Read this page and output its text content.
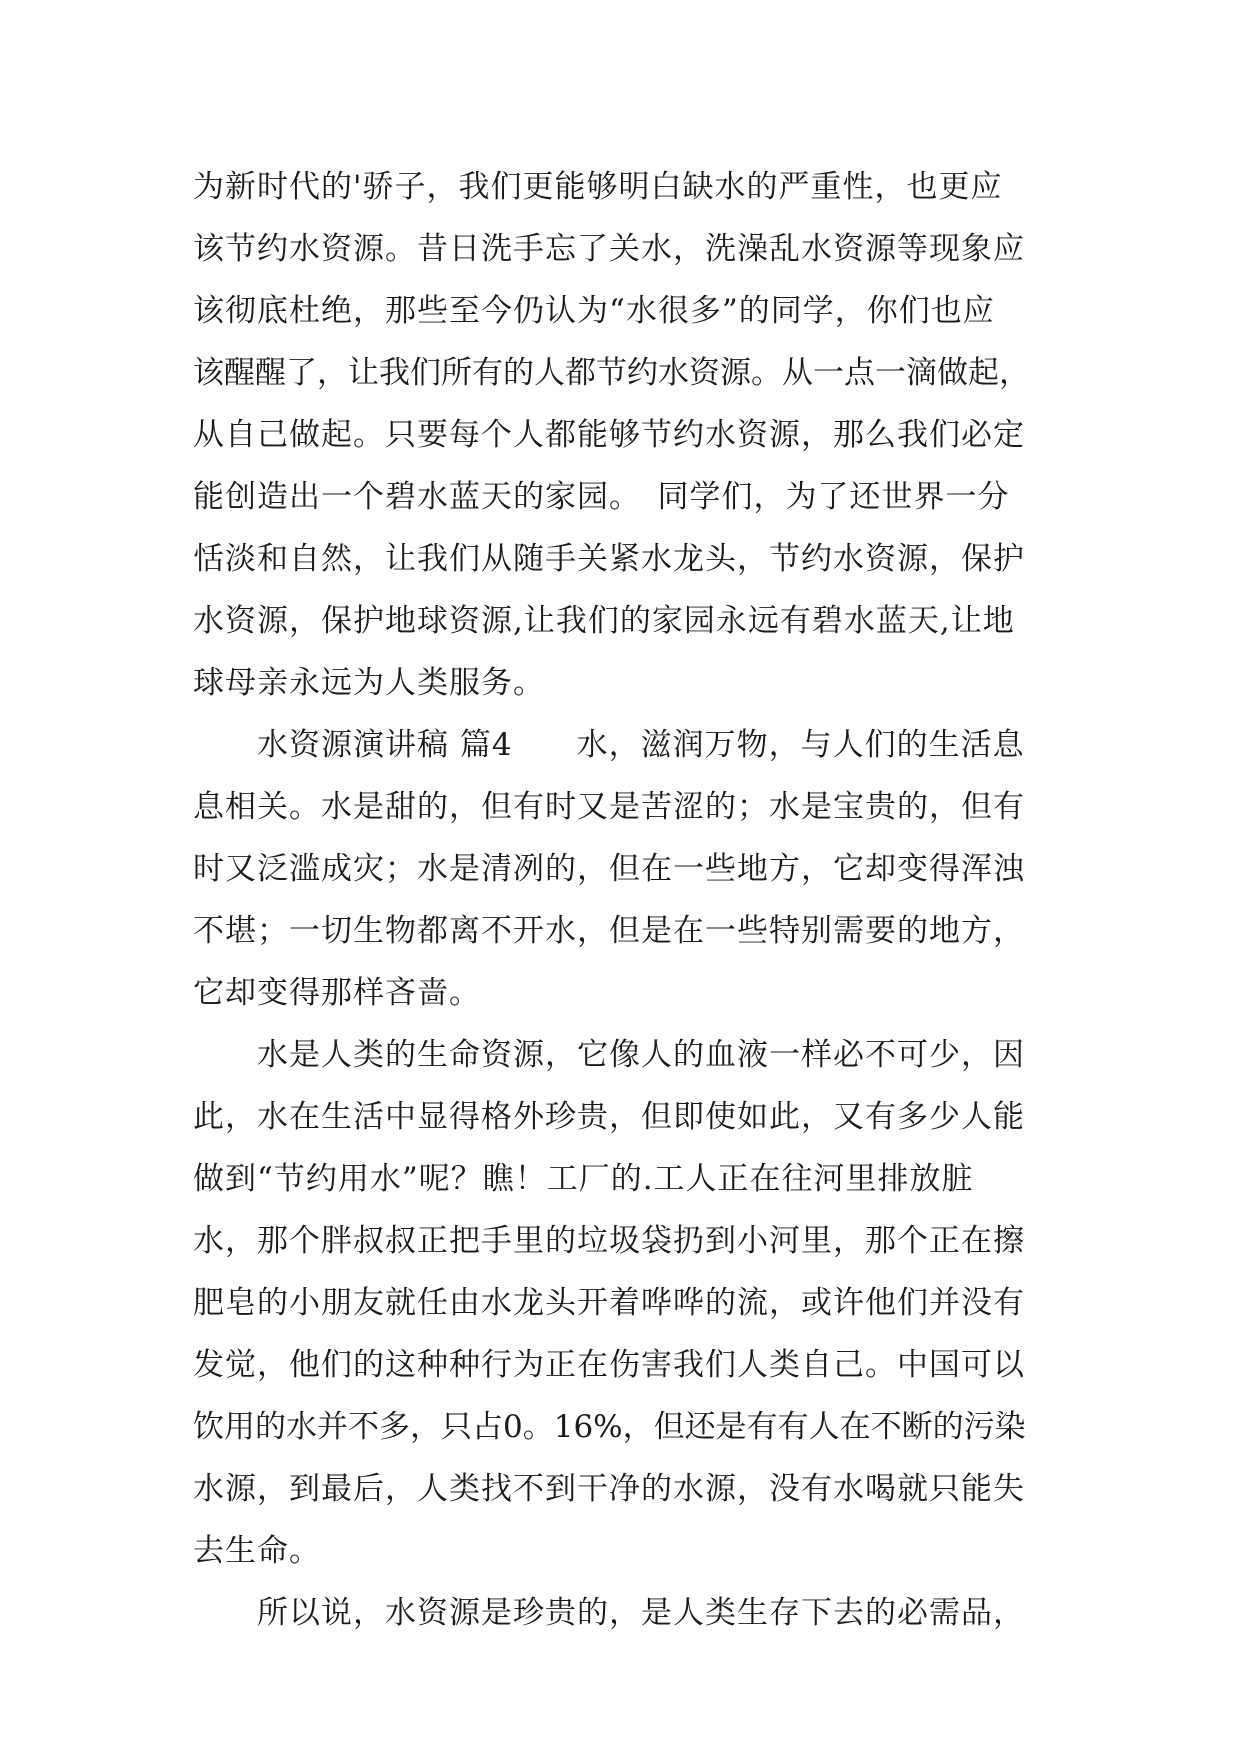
为新时代的'骄子，我们更能够明白缺水的严重性，也更应
该节约水资源。昔日洗手忘了关水，洗澡乱水资源等现象应
该彻底杜绝，那些至今仍认为“水很多”的同学，你们也应
该醒醒了，让我们所有的人都节约水资源。从一点一滴做起，
从自己做起。只要每个人都能够节约水资源，那么我们必定
能创造出一个碧水蓝天的家园。　同学们，为了还世界一分
恬淡和自然，让我们从随手关紧水龙头，节约水资源，保护
水资源，保护地球资源,让我们的家园永远有碧水蓝天,让地
球母亲永远为人类服务。
　　水资源演讲稿 篇4　　水，滋润万物，与人们的生活息
息相关。水是甜的，但有时又是苦涩的；水是宝贵的，但有
时又泛滥成灾；水是清冽的，但在一些地方，它却变得浑浊
不堪；一切生物都离不开水，但是在一些特别需要的地方，
它却变得那样吝啬。
　　水是人类的生命资源，它像人的血液一样必不可少，因
此，水在生活中显得格外珍贵，但即使如此，又有多少人能
做到“节约用水”呢？瞧！工厂的.工人正在往河里排放脏
水，那个胖叔叔正把手里的垃圾袋扔到小河里，那个正在擦
肥皂的小朋友就任由水龙头开着哗哗的流，或许他们并没有
发觉，他们的这种种行为正在伤害我们人类自己。中国可以
饮用的水并不多，只占0。16%，但还是有有人在不断的污染
水源，到最后，人类找不到干净的水源，没有水喝就只能失
去生命。
　　所以说，水资源是珍贵的，是人类生存下去的必需品，
